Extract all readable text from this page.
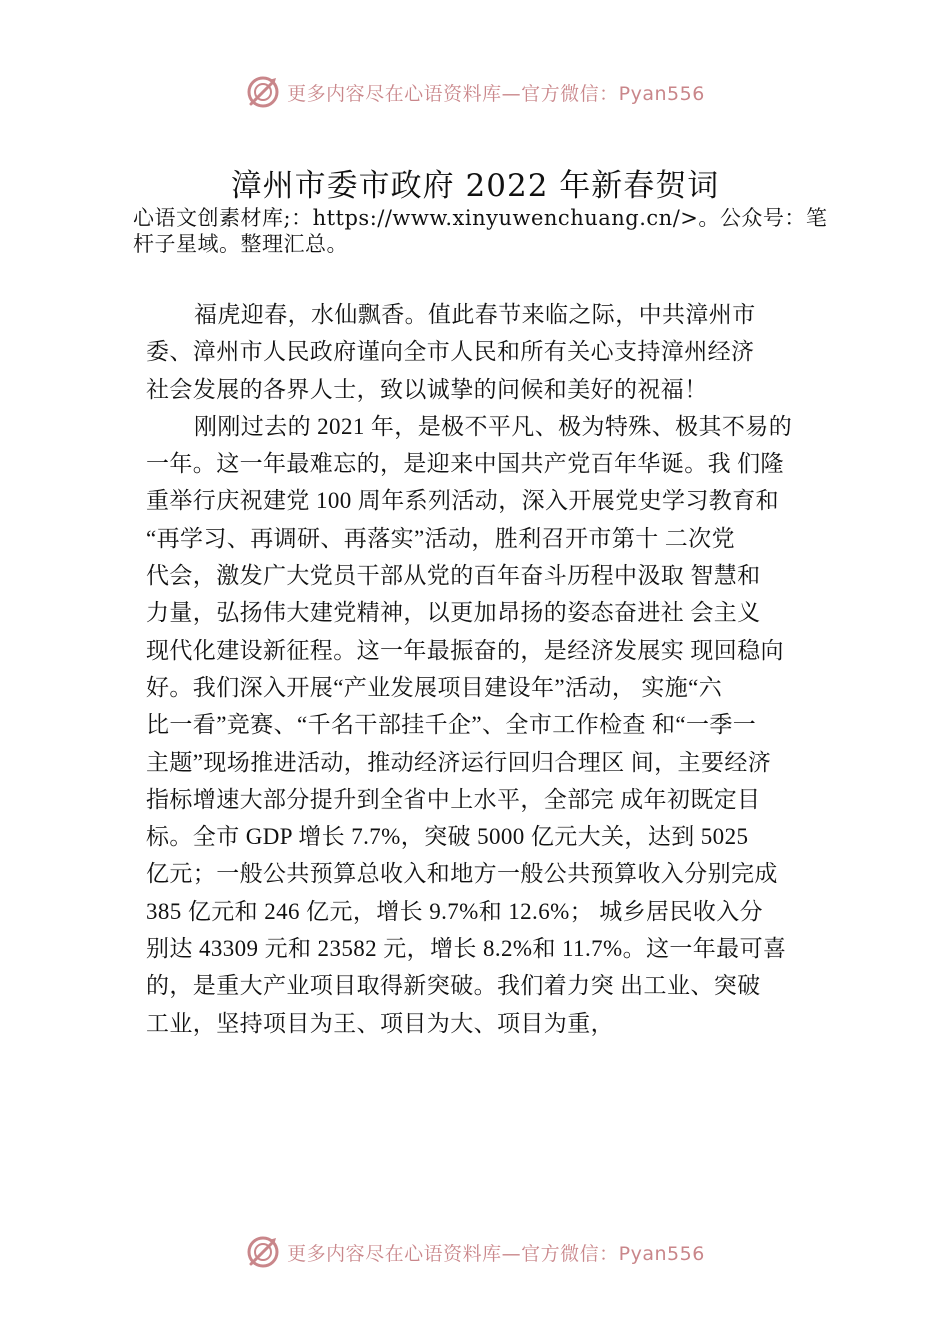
更多内容尽在心语资料库—官方微信：Pyan556
漳州市委市政府 2022 年新春贺词
心语文创素材库;：https://www.xinyuwenchuang.cn/>。公众号：笔杆子星域。整理汇总。
福虎迎春，水仙飘香。值此春节来临之际，中共漳州市
委、漳州市人民政府谨向全市人民和所有关心支持漳州经济
社会发展的各界人士，致以诚挚的问候和美好的祝福！
刚刚过去的 2021 年，是极不平凡、极为特殊、极其不易的
一年。这一年最难忘的，是迎来中国共产党百年华诞。我 们隆
重举行庆祝建党 100 周年系列活动，深入开展党史学习教育和
“再学习、再调研、再落实”活动，胜利召开市第十 二次党
代会，激发广大党员干部从党的百年奋斗历程中汲取 智慧和
力量，弘扬伟大建党精神，以更加昂扬的姿态奋进社 会主义
现代化建设新征程。这一年最振奋的，是经济发展实 现回稳向
好。我们深入开展“产业发展项目建设年”活动， 实施“六
比一看”竞赛、“千名干部挂千企”、全市工作检查 和“一季一
主题”现场推进活动，推动经济运行回归合理区 间，主要经济
指标增速大部分提升到全省中上水平，全部完 成年初既定目
标。全市 GDP 增长 7.7%，突破 5000 亿元大关，达到 5025
亿元；一般公共预算总收入和地方一般公共预算收入分别完成
385 亿元和 246 亿元，增长 9.7%和 12.6%； 城乡居民收入分
别达 43309 元和 23582 元，增长 8.2%和 11.7%。这一年最可喜
的，是重大产业项目取得新突破。我们着力突 出工业、突破
工业，坚持项目为王、项目为大、项目为重，
更多内容尽在心语资料库—官方微信：Pyan556
